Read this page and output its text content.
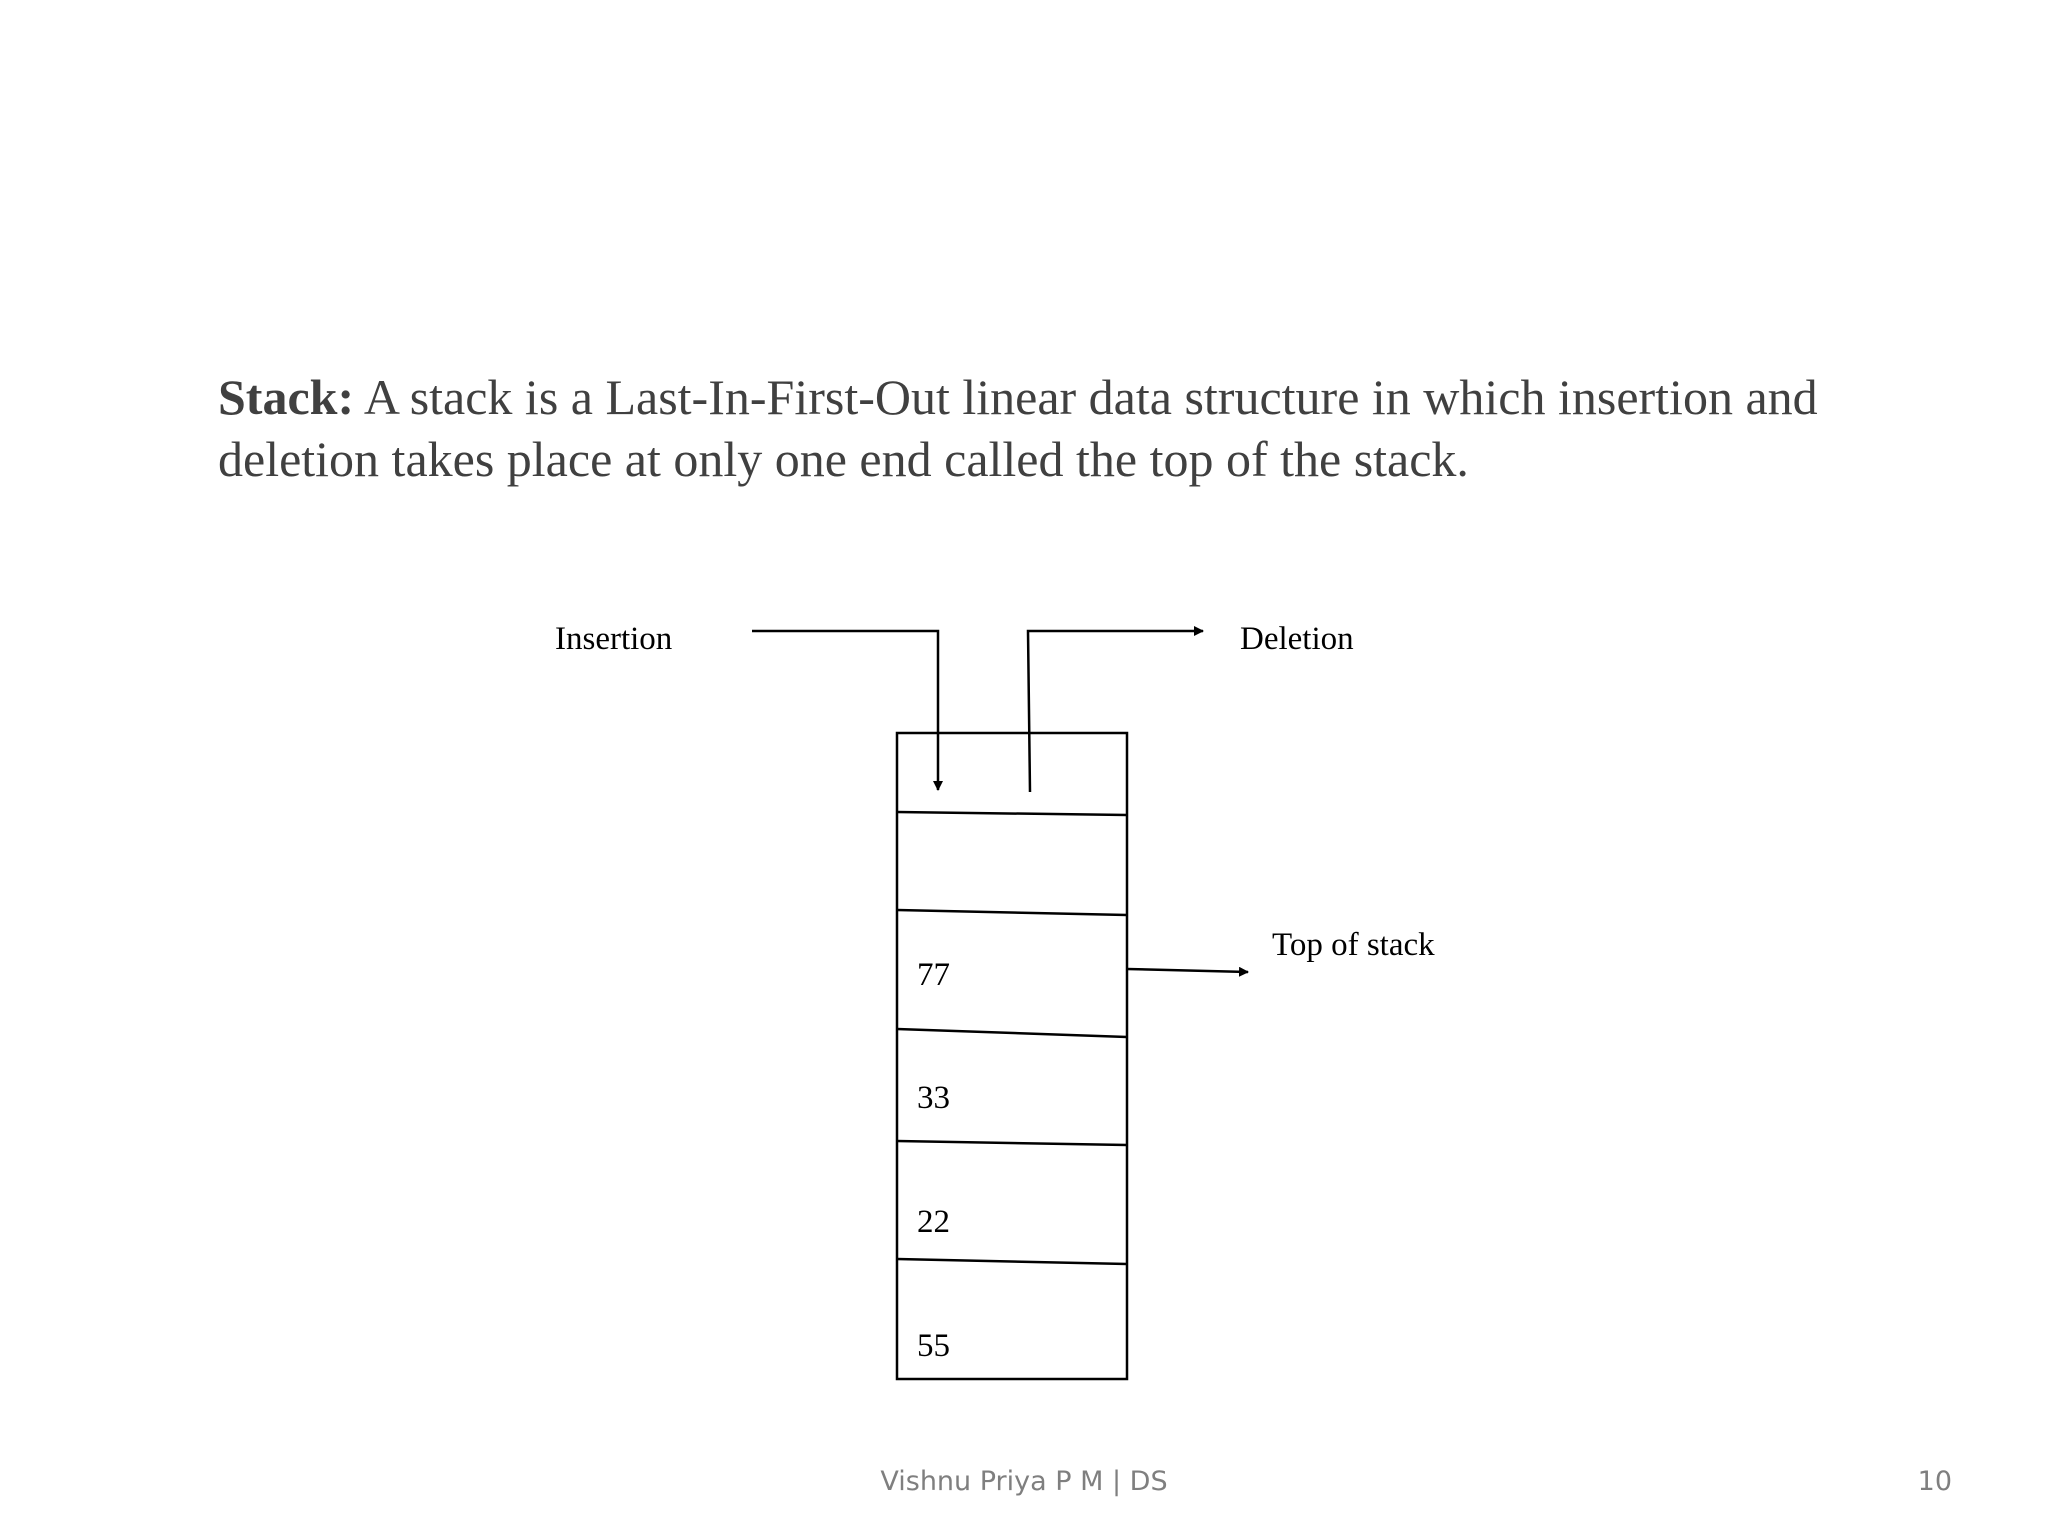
Stack: A stack is a Last-In-First-Out linear data structure in which insertion and deletion takes place at only one end called the top of the stack.

77
33
22
55
Insertion	Deletion
Top of stack
Vishnu Priya P M | DS	10
